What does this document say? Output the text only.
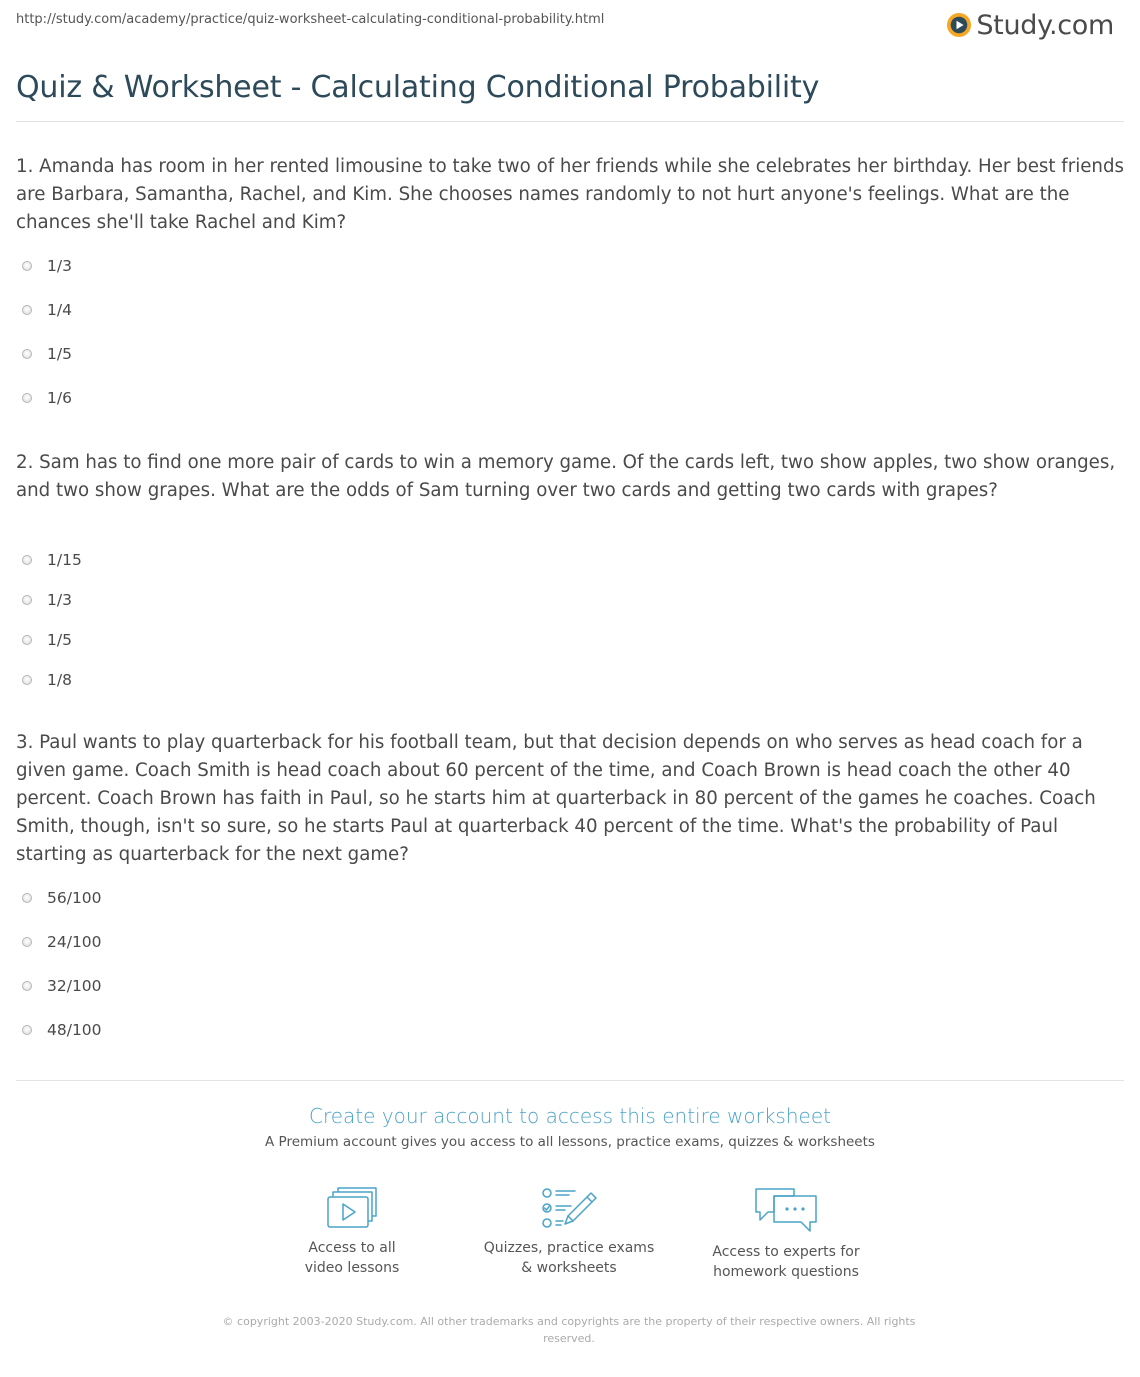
http://study.com/academy/practice/quiz-worksheet-calculating-conditional-probability.html	Study.com
Quiz & Worksheet - Calculating Conditional Probability

1. Amanda has room in her rented limousine to take two of her friends while she celebrates her birthday. Her best friends are Barbara, Samantha, Rachel, and Kim. She chooses names randomly to not hurt anyone's feelings. What are the chances she'll take Rachel and Kim?

1/3
1/4
1/5
1/6

2. Sam has to find one more pair of cards to win a memory game. Of the cards left, two show apples, two show oranges, and two show grapes. What are the odds of Sam turning over two cards and getting two cards with grapes?

1/15
1/3
1/5
1/8

3. Paul wants to play quarterback for his football team, but that decision depends on who serves as head coach for a given game. Coach Smith is head coach about 60 percent of the time, and Coach Brown is head coach the other 40 percent. Coach Brown has faith in Paul, so he starts him at quarterback in 80 percent of the games he coaches. Coach Smith, though, isn't so sure, so he starts Paul at quarterback 40 percent of the time. What's the probability of Paul starting as quarterback for the next game?

56/100
24/100
32/100
48/100
Create your account to access this entire worksheet
A Premium account gives you access to all lessons, practice exams, quizzes & worksheets
Access to all
video lessons
Quizzes, practice exams
& worksheets
Access to experts for
homework questions
© copyright 2003-2020 Study.com. All other trademarks and copyrights are the property of their respective owners. All rights reserved.
